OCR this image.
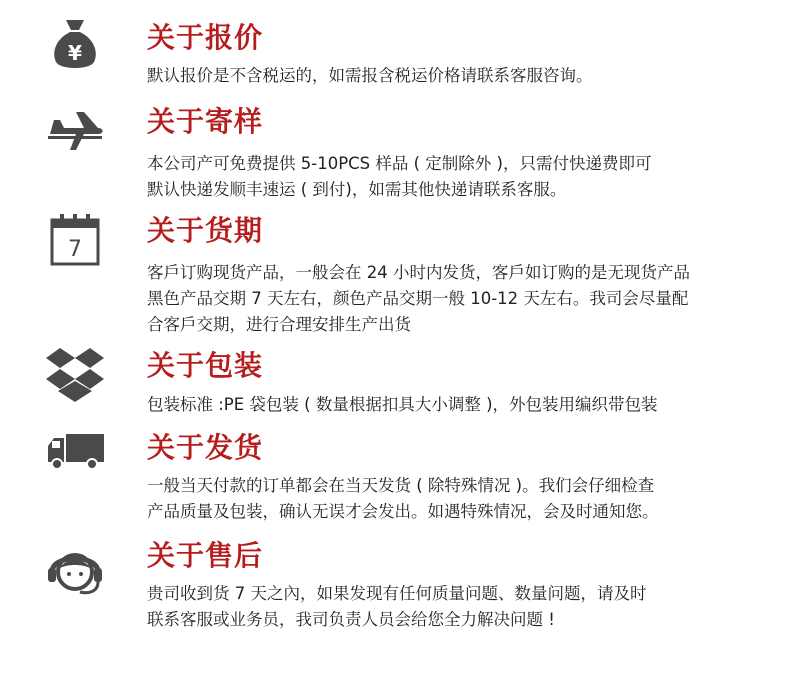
¥ 关于报价
默认报价是不含税运的，如需报含税运价格请联系客服咨询。
关于寄样
本公司产可免费提供 5-10PCS 样品 ( 定制除外 )，只需付快递费即可
默认快递发顺丰速运 ( 到付)，如需其他快递请联系客服。
7
关于货期
客戶订购现货产品，一般会在 24 小时内发货，客戶如订购的是无现货产品
黑色产品交期 7 天左右，颜色产品交期一般 10-12 天左右。我司会尽量配
合客戶交期，进行合理安排生产出货
关于包装
包装标准 :PE 袋包装 ( 数量根据扣具大小调整 )，外包装用编织带包装
关于发货
一般当天付款的订单都会在当天发货 ( 除特殊情况 )。我们会仔细检查
产品质量及包装，确认无误才会发出。如遇特殊情况，会及时通知您。
关于售后
贵司收到货 7 天之內，如果发现有任何质量问题、数量问题，请及时
联系客服或业务员，我司负责人员会给您全力解决问题 !
